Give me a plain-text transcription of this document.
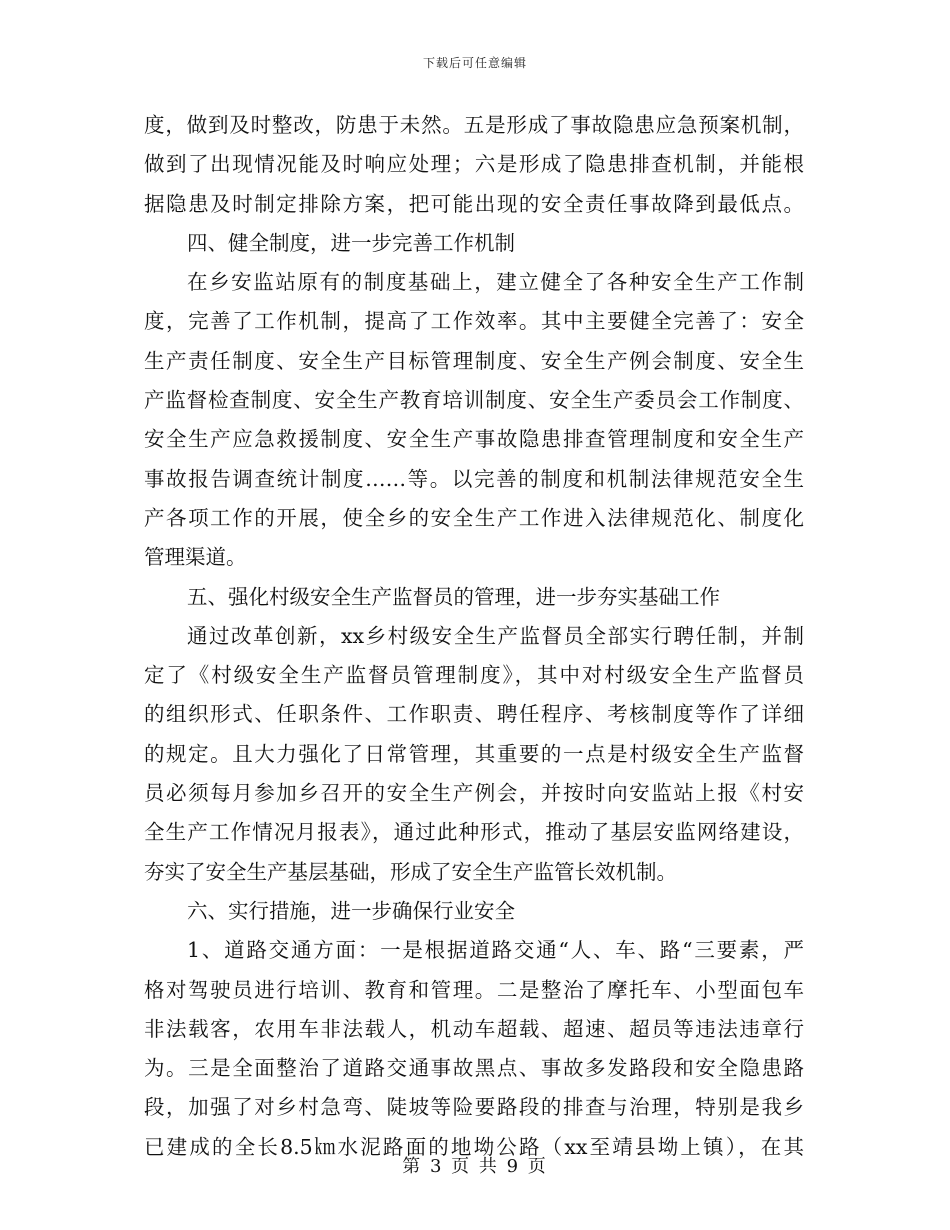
下载后可任意编辑
度，做到及时整改，防患于未然。五是形成了事故隐患应急预案机制，
做到了出现情况能及时响应处理；六是形成了隐患排查机制，并能根
据隐患及时制定排除方案，把可能出现的安全责任事故降到最低点。
四、健全制度，进一步完善工作机制
在乡安监站原有的制度基础上，建立健全了各种安全生产工作制
度，完善了工作机制，提高了工作效率。其中主要健全完善了：安全
生产责任制度、安全生产目标管理制度、安全生产例会制度、安全生
产监督检查制度、安全生产教育培训制度、安全生产委员会工作制度、
安全生产应急救援制度、安全生产事故隐患排查管理制度和安全生产
事故报告调查统计制度……等。以完善的制度和机制法律规范安全生
产各项工作的开展，使全乡的安全生产工作进入法律规范化、制度化
管理渠道。
五、强化村级安全生产监督员的管理，进一步夯实基础工作
通过改革创新，xx乡村级安全生产监督员全部实行聘任制，并制
定了《村级安全生产监督员管理制度》，其中对村级安全生产监督员
的组织形式、任职条件、工作职责、聘任程序、考核制度等作了详细
的规定。且大力强化了日常管理，其重要的一点是村级安全生产监督
员必须每月参加乡召开的安全生产例会，并按时向安监站上报《村安
全生产工作情况月报表》，通过此种形式，推动了基层安监网络建设，
夯实了安全生产基层基础，形成了安全生产监管长效机制。
六、实行措施，进一步确保行业安全
1、道路交通方面：一是根据道路交通“人、车、路“三要素，严
格对驾驶员进行培训、教育和管理。二是整治了摩托车、小型面包车
非法载客，农用车非法载人，机动车超载、超速、超员等违法违章行
为。三是全面整治了道路交通事故黑点、事故多发路段和安全隐患路
段，加强了对乡村急弯、陡坡等险要路段的排查与治理，特别是我乡
已建成的全长8.5㎞水泥路面的地坳公路（xx至靖县坳上镇），在其
第 3 页 共 9 页
